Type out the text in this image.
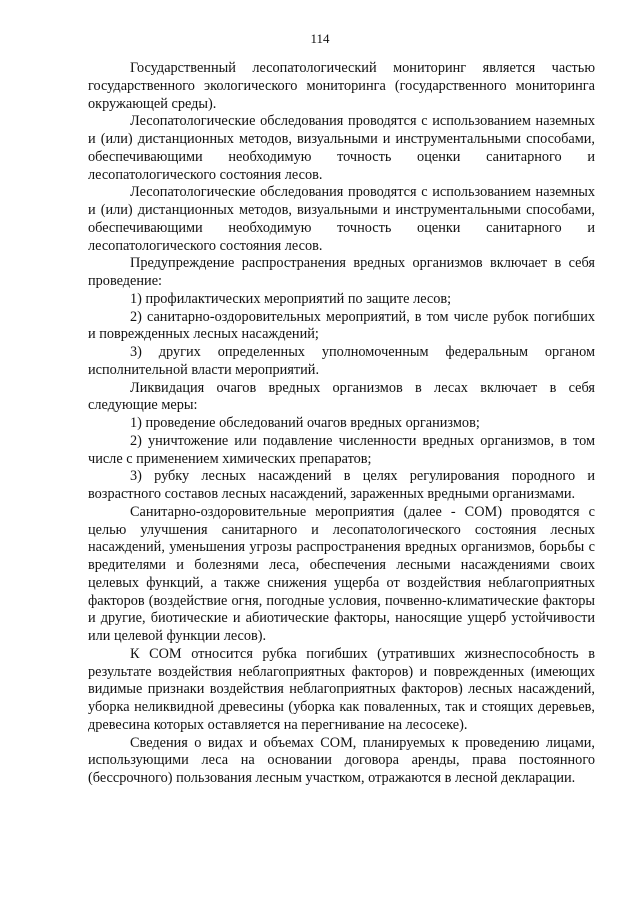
114

Государственный лесопатологический мониторинг является частью государственного экологического мониторинга (государственного мониторинга окружающей среды).

Лесопатологические обследования проводятся с использованием наземных и (или) дистанционных методов, визуальными и инструментальными способами, обеспечивающими необходимую точность оценки санитарного и лесопатологического состояния лесов.

Лесопатологические обследования проводятся с использованием наземных и (или) дистанционных методов, визуальными и инструментальными способами, обеспечивающими необходимую точность оценки санитарного и лесопатологического состояния лесов.

Предупреждение распространения вредных организмов включает в себя проведение:

1) профилактических мероприятий по защите лесов;

2) санитарно-оздоровительных мероприятий, в том числе рубок погибших и поврежденных лесных насаждений;

3) других определенных уполномоченным федеральным органом исполнительной власти мероприятий.

Ликвидация очагов вредных организмов в лесах включает в себя следующие меры:

1) проведение обследований очагов вредных организмов;

2) уничтожение или подавление численности вредных организмов, в том числе с применением химических препаратов;

3) рубку лесных насаждений в целях регулирования породного и возрастного составов лесных насаждений, зараженных вредными организмами.

Санитарно-оздоровительные мероприятия (далее - СОМ) проводятся с целью улучшения санитарного и лесопатологического состояния лесных насаждений, уменьшения угрозы распространения вредных организмов, борьбы с вредителями и болезнями леса, обеспечения лесными насаждениями своих целевых функций, а также снижения ущерба от воздействия неблагоприятных факторов (воздействие огня, погодные условия, почвенно-климатические факторы и другие, биотические и абиотические факторы, наносящие ущерб устойчивости или целевой функции лесов).

К СОМ относится рубка погибших (утративших жизнеспособность в результате воздействия неблагоприятных факторов) и поврежденных (имеющих видимые признаки воздействия неблагоприятных факторов) лесных насаждений, уборка неликвидной древесины (уборка как поваленных, так и стоящих деревьев, древесина которых оставляется на перегнивание на лесосеке).

Сведения о видах и объемах СОМ, планируемых к проведению лицами, использующими леса на основании договора аренды, права постоянного (бессрочного) пользования лесным участком, отражаются в лесной декларации.
